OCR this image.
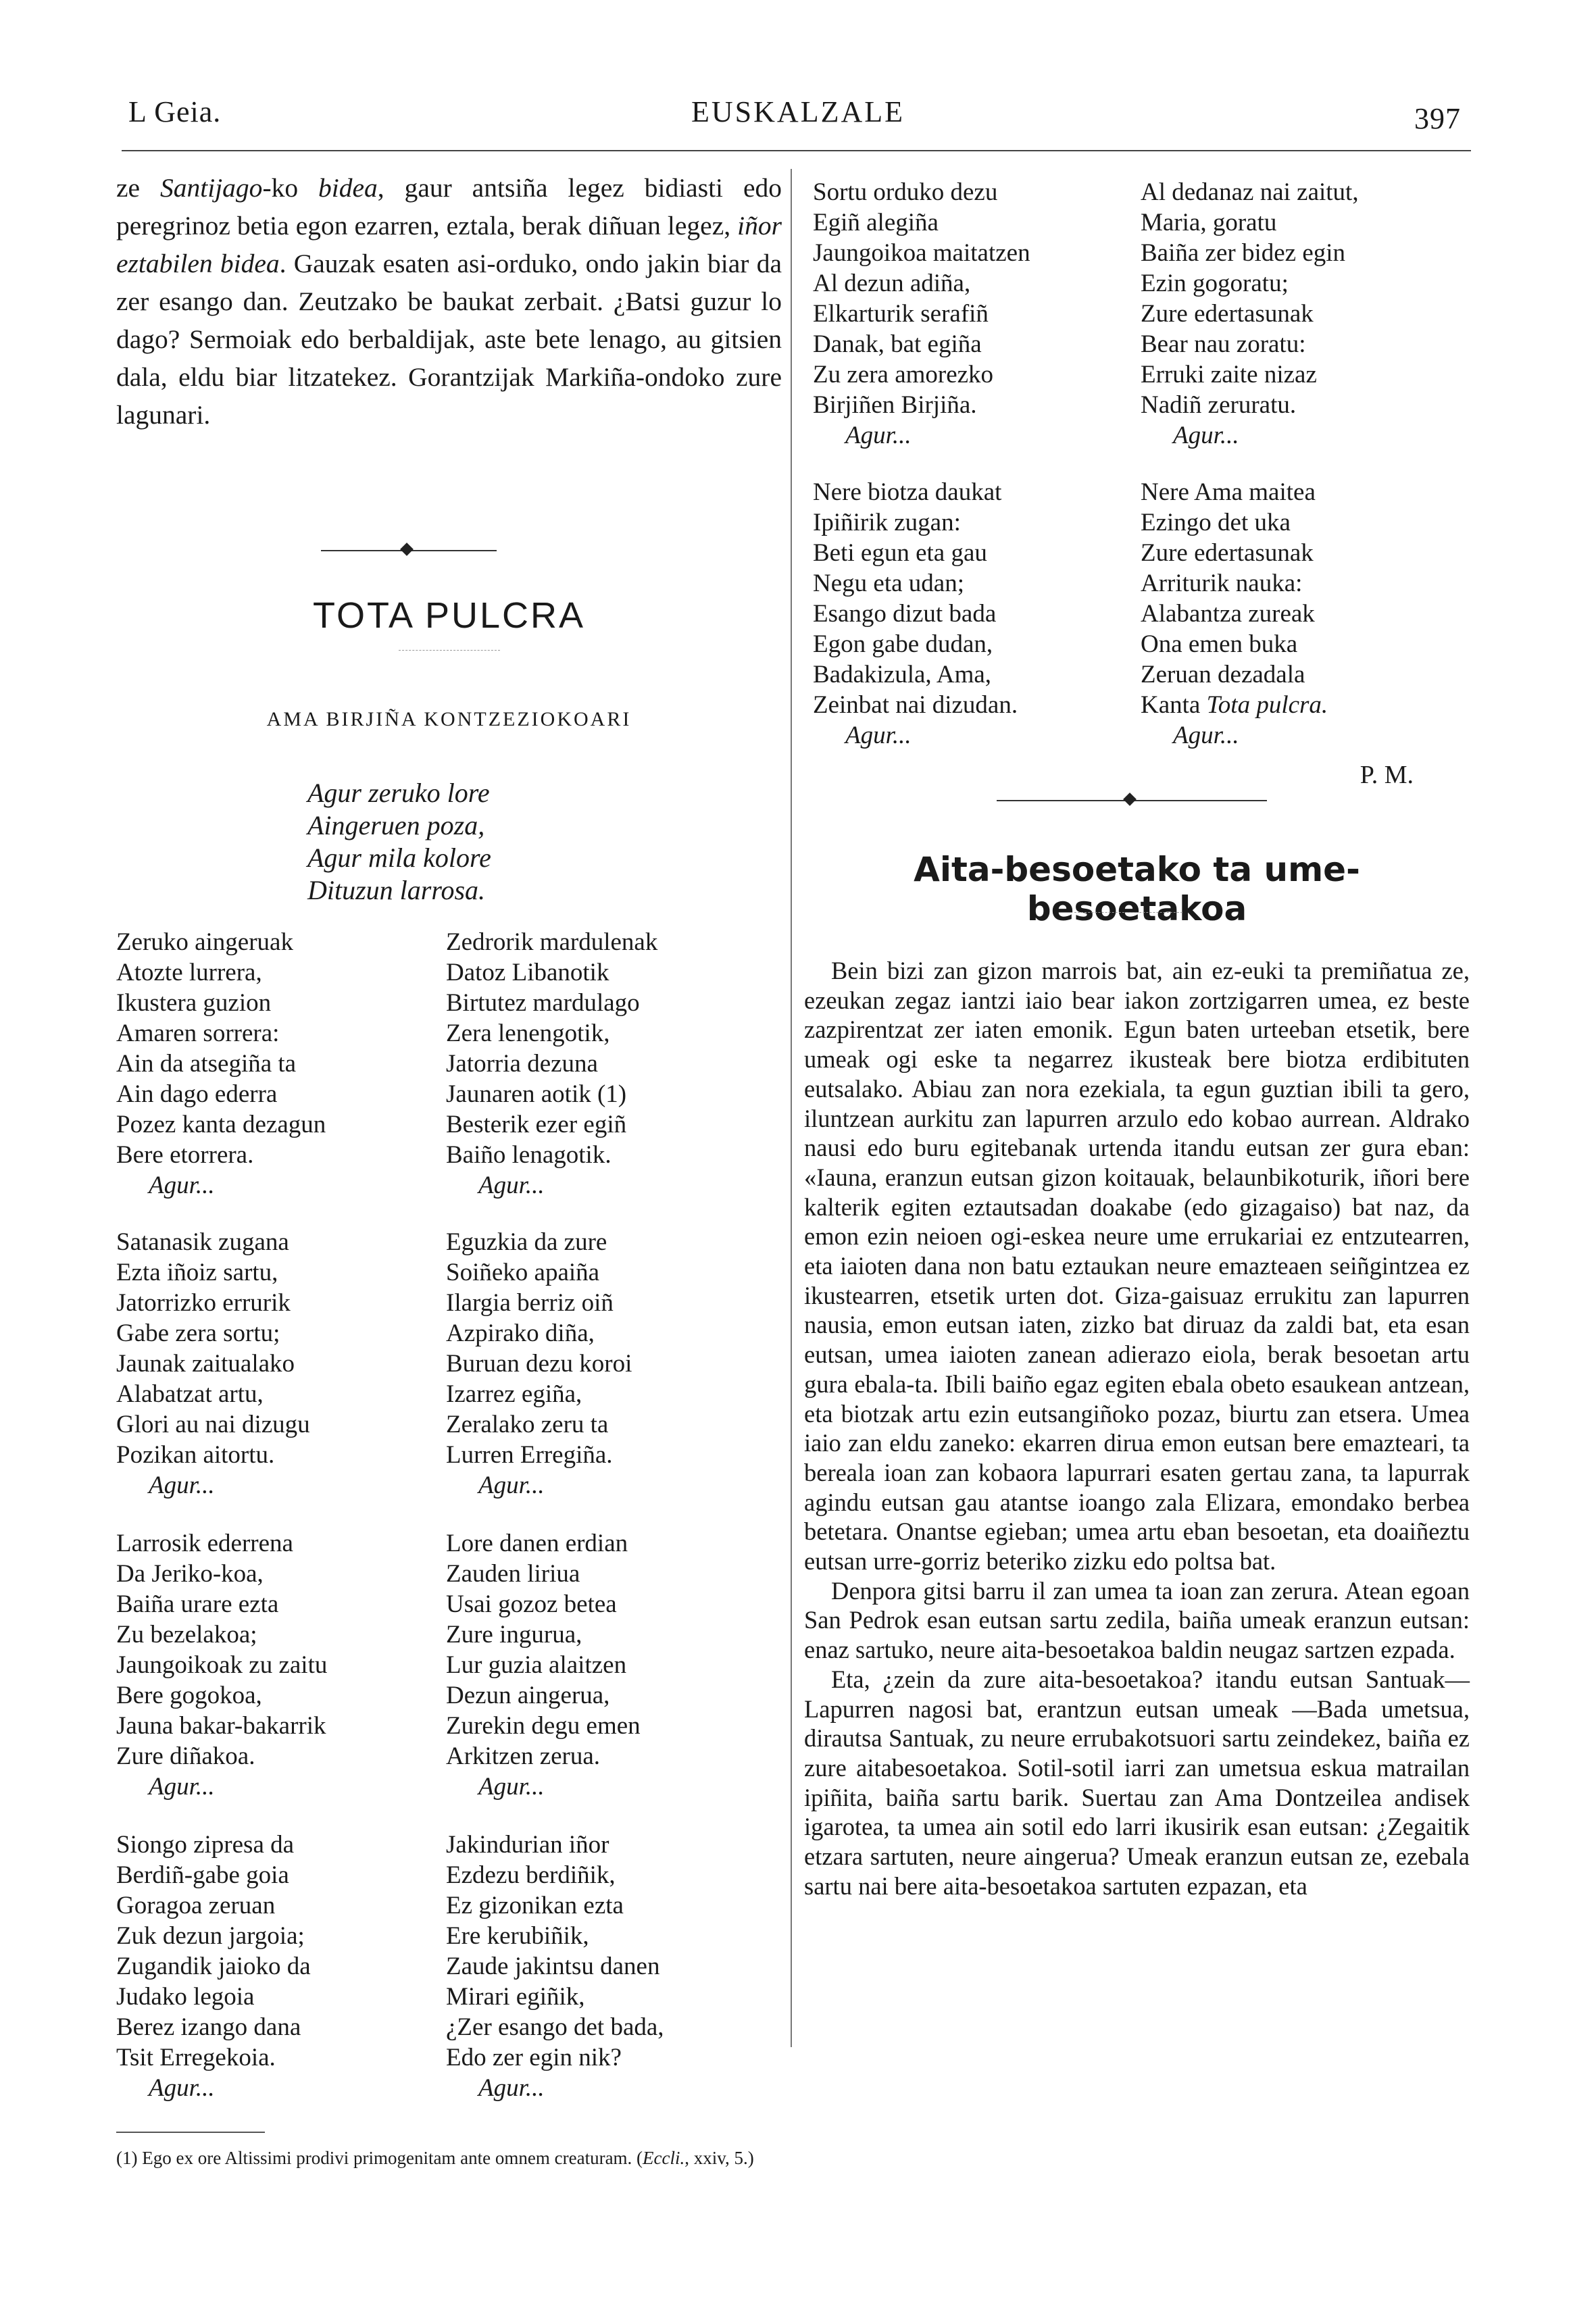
L Geia.	EUSKALZALE	397

ze Santijago-ko bidea, gaur antsiña legez bidiasti edo peregrinoz betia egon ezarren, eztala, berak diñuan legez, iñor eztabilen bidea. Gauzak esaten asi-orduko, ondo jakin biar da zer esango dan. Zeutzako be baukat zerbait. ¿Batsi guzur lo dago? Sermoiak edo berbaldijak, aste bete lenago, au gitsien dala, eldu biar litzatekez. Gorantzijak Markiña-ondoko zure lagunari.

TOTA PULCRA
AMA BIRJIÑA KONTZEZIOKOARI
Agur zeruko lore
Aingeruen poza,
Agur mila kolore
Dituzun larrosa.
Zeruko aingeruak
Atozte lurrera,
Ikustera guzion
Amaren sorrera:
Ain da atsegiña ta
Ain dago ederra
Pozez kanta dezagun
Bere etorrera.
Agur...
Zedrorik mardulenak
Datoz Libanotik
Birtutez mardulago
Zera lenengotik,
Jatorria dezuna
Jaunaren aotik (1)
Besterik ezer egiñ
Baiño lenagotik.
Agur...
Satanasik zugana
Ezta iñoiz sartu,
Jatorrizko errurik
Gabe zera sortu;
Jaunak zaitualako
Alabatzat artu,
Glori au nai dizugu
Pozikan aitortu.
Agur...
Eguzkia da zure
Soiñeko apaiña
Ilargia berriz oiñ
Azpirako diña,
Buruan dezu koroi
Izarrez egiña,
Zeralako zeru ta
Lurren Erregiña.
Agur...
Larrosik ederrena
Da Jeriko-koa,
Baiña urare ezta
Zu bezelakoa;
Jaungoikoak zu zaitu
Bere gogokoa,
Jauna bakar-bakarrik
Zure diñakoa.
Agur...
Lore danen erdian
Zauden liriua
Usai gozoz betea
Zure ingurua,
Lur guzia alaitzen
Dezun aingerua,
Zurekin degu emen
Arkitzen zerua.
Agur...
Siongo zipresa da
Berdiñ-gabe goia
Goragoa zeruan
Zuk dezun jargoia;
Zugandik jaioko da
Judako legoia
Berez izango dana
Tsit Erregekoia.
Agur...
Jakindurian iñor
Ezdezu berdiñik,
Ez gizonikan ezta
Ere kerubiñik,
Zaude jakintsu danen
Mirari egiñik,
¿Zer esango det bada,
Edo zer egin nik?
Agur...
(1) Ego ex ore Altissimi prodivi primogenitam ante omnem creaturam. (Eccli., xxiv, 5.)
Sortu orduko dezu
Egiñ alegiña
Jaungoikoa maitatzen
Al dezun adiña,
Elkarturik serafiñ
Danak, bat egiña
Zu zera amorezko
Birjiñen Birjiña.
Agur...
Al dedanaz nai zaitut,
Maria, goratu
Baiña zer bidez egin
Ezin gogoratu;
Zure edertasunak
Bear nau zoratu:
Erruki zaite nizaz
Nadiñ zeruratu.
Agur...
Nere biotza daukat
Ipiñirik zugan:
Beti egun eta gau
Negu eta udan;
Esango dizut bada
Egon gabe dudan,
Badakizula, Ama,
Zeinbat nai dizudan.
Agur...
Nere Ama maitea
Ezingo det uka
Zure edertasunak
Arriturik nauka:
Alabantza zureak
Ona emen buka
Zeruan dezadala
Kanta Tota pulcra.
Agur...
P. M.
Aita-besoetako ta ume-besoetakoa

Bein bizi zan gizon marrois bat, ain ez-euki ta premiñatua ze, ezeukan zegaz iantzi iaio bear iakon zortzigarren umea, ez beste zazpirentzat zer iaten emonik. Egun baten urteeban etsetik, bere umeak ogi eske ta negarrez ikusteak bere biotza erdibituten eutsalako. Abiau zan nora ezekiala, ta egun guztian ibili ta gero, iluntzean aurkitu zan lapurren arzulo edo kobao aurrean. Aldrako nausi edo buru egitebanak urtenda itandu eutsan zer gura eban: «Iauna, eranzun eutsan gizon koitauak, belaunbikoturik, iñori bere kalterik egiten eztautsadan doakabe (edo gizagaiso) bat naz, da emon ezin neioen ogi-eskea neure ume errukariai ez entzutearren, eta iaioten dana non batu eztaukan neure emazteaen seiñgintzea ez ikustearren, etsetik urten dot. Giza-gaisuaz errukitu zan lapurren nausia, emon eutsan iaten, zizko bat diruaz da zaldi bat, eta esan eutsan, umea iaioten zanean adierazo eiola, berak besoetan artu gura ebala-ta. Ibili baiño egaz egiten ebala obeto esaukean antzean, eta biotzak artu ezin eutsangiñoko pozaz, biurtu zan etsera. Umea iaio zan eldu zaneko: ekarren dirua emon eutsan bere emazteari, ta bereala ioan zan kobaora lapurrari esaten gertau zana, ta lapurrak agindu eutsan gau atantse ioango zala Elizara, emondako berbea betetara. Onantse egieban; umea artu eban besoetan, eta doaiñeztu eutsan urre-gorriz beteriko zizku edo poltsa bat.

Denpora gitsi barru il zan umea ta ioan zan zerura. Atean egoan San Pedrok esan eutsan sartu zedila, baiña umeak eranzun eutsan: enaz sartuko, neure aita-besoetakoa baldin neugaz sartzen ezpada.

Eta, ¿zein da zure aita-besoetakoa? itandu eutsan Santuak—Lapurren nagosi bat, erantzun eutsan umeak —Bada umetsua, dirautsa Santuak, zu neure errubakotsuori sartu zeindekez, baiña ez zure aitabesoetakoa. Sotil-sotil iarri zan umetsua eskua matrailan ipiñita, baiña sartu barik. Suertau zan Ama Dontzeilea andisek igarotea, ta umea ain sotil edo larri ikusirik esan eutsan: ¿Zegaitik etzara sartuten, neure aingerua? Umeak eranzun eutsan ze, ezebala sartu nai bere aita-besoetakoa sartuten ezpazan, eta
